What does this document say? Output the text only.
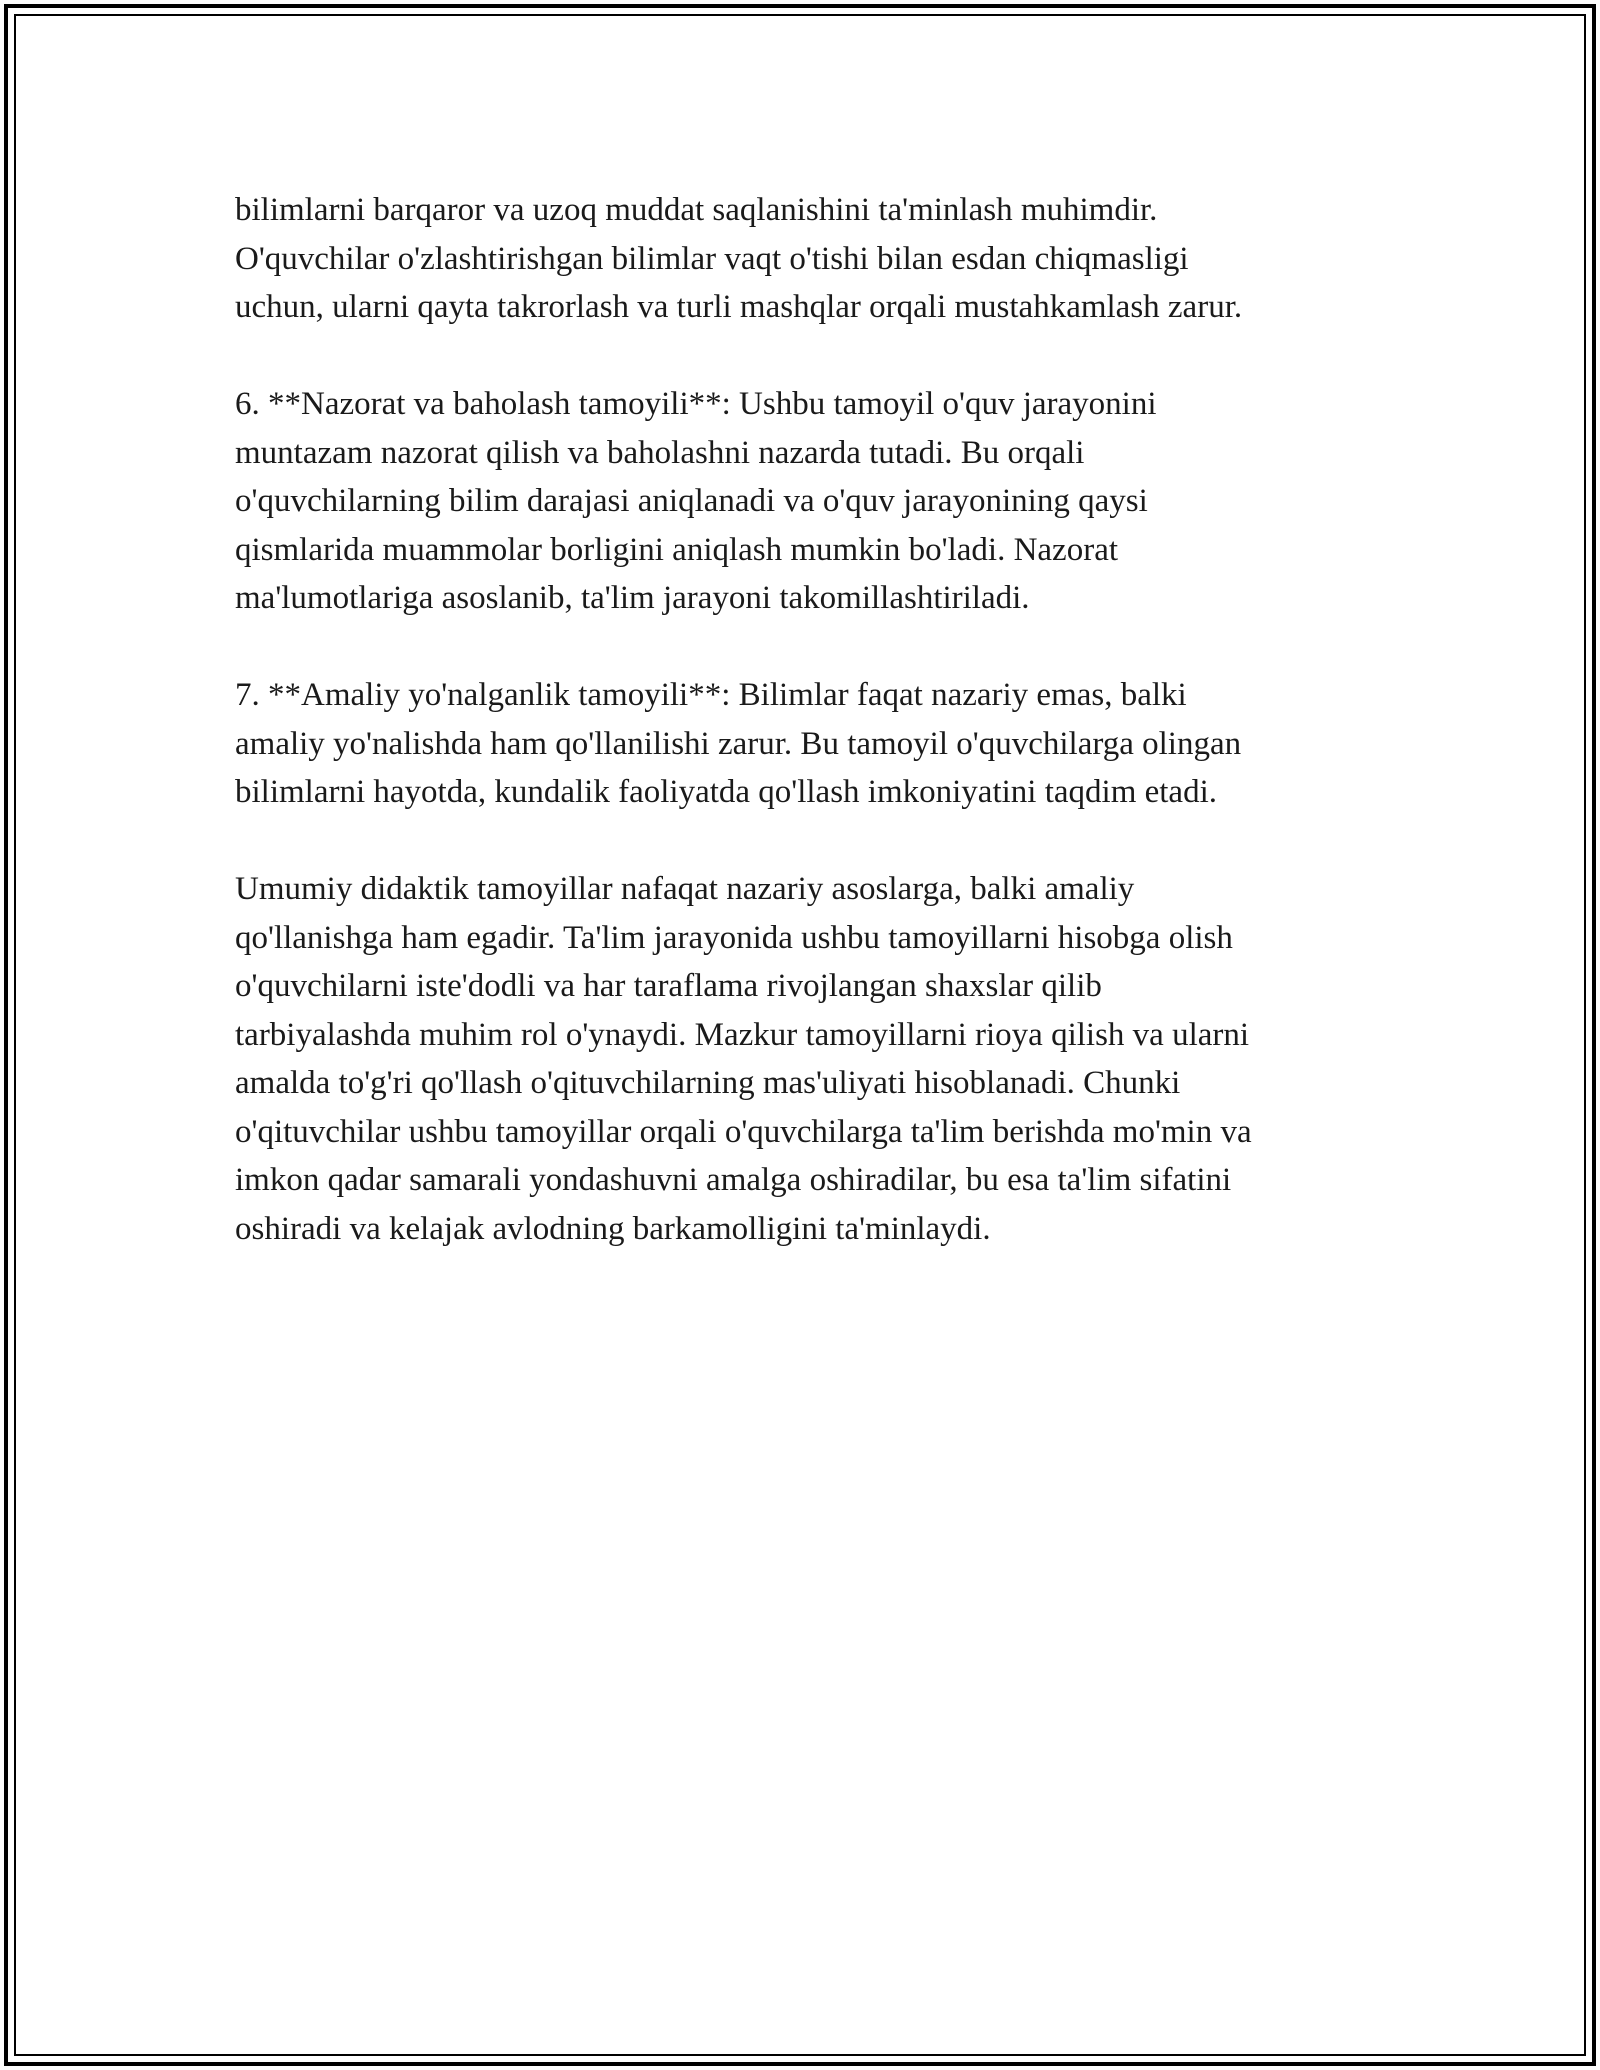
bilimlarni barqaror va uzoq muddat saqlanishini ta'minlash muhimdir.
O'quvchilar o'zlashtirishgan bilimlar vaqt o'tishi bilan esdan chiqmasligi
uchun, ularni qayta takrorlash va turli mashqlar orqali mustahkamlash zarur.

6. **Nazorat va baholash tamoyili**: Ushbu tamoyil o'quv jarayonini
muntazam nazorat qilish va baholashni nazarda tutadi. Bu orqali
o'quvchilarning bilim darajasi aniqlanadi va o'quv jarayonining qaysi
qismlarida muammolar borligini aniqlash mumkin bo'ladi. Nazorat
ma'lumotlariga asoslanib, ta'lim jarayoni takomillashtiriladi.

7. **Amaliy yo'nalganlik tamoyili**: Bilimlar faqat nazariy emas, balki
amaliy yo'nalishda ham qo'llanilishi zarur. Bu tamoyil o'quvchilarga olingan
bilimlarni hayotda, kundalik faoliyatda qo'llash imkoniyatini taqdim etadi.

Umumiy didaktik tamoyillar nafaqat nazariy asoslarga, balki amaliy
qo'llanishga ham egadir. Ta'lim jarayonida ushbu tamoyillarni hisobga olish
o'quvchilarni iste'dodli va har taraflama rivojlangan shaxslar qilib
tarbiyalashda muhim rol o'ynaydi. Mazkur tamoyillarni rioya qilish va ularni
amalda to'g'ri qo'llash o'qituvchilarning mas'uliyati hisoblanadi. Chunki
o'qituvchilar ushbu tamoyillar orqali o'quvchilarga ta'lim berishda mo'min va
imkon qadar samarali yondashuvni amalga oshiradilar, bu esa ta'lim sifatini
oshiradi va kelajak avlodning barkamolligini ta'minlaydi.
